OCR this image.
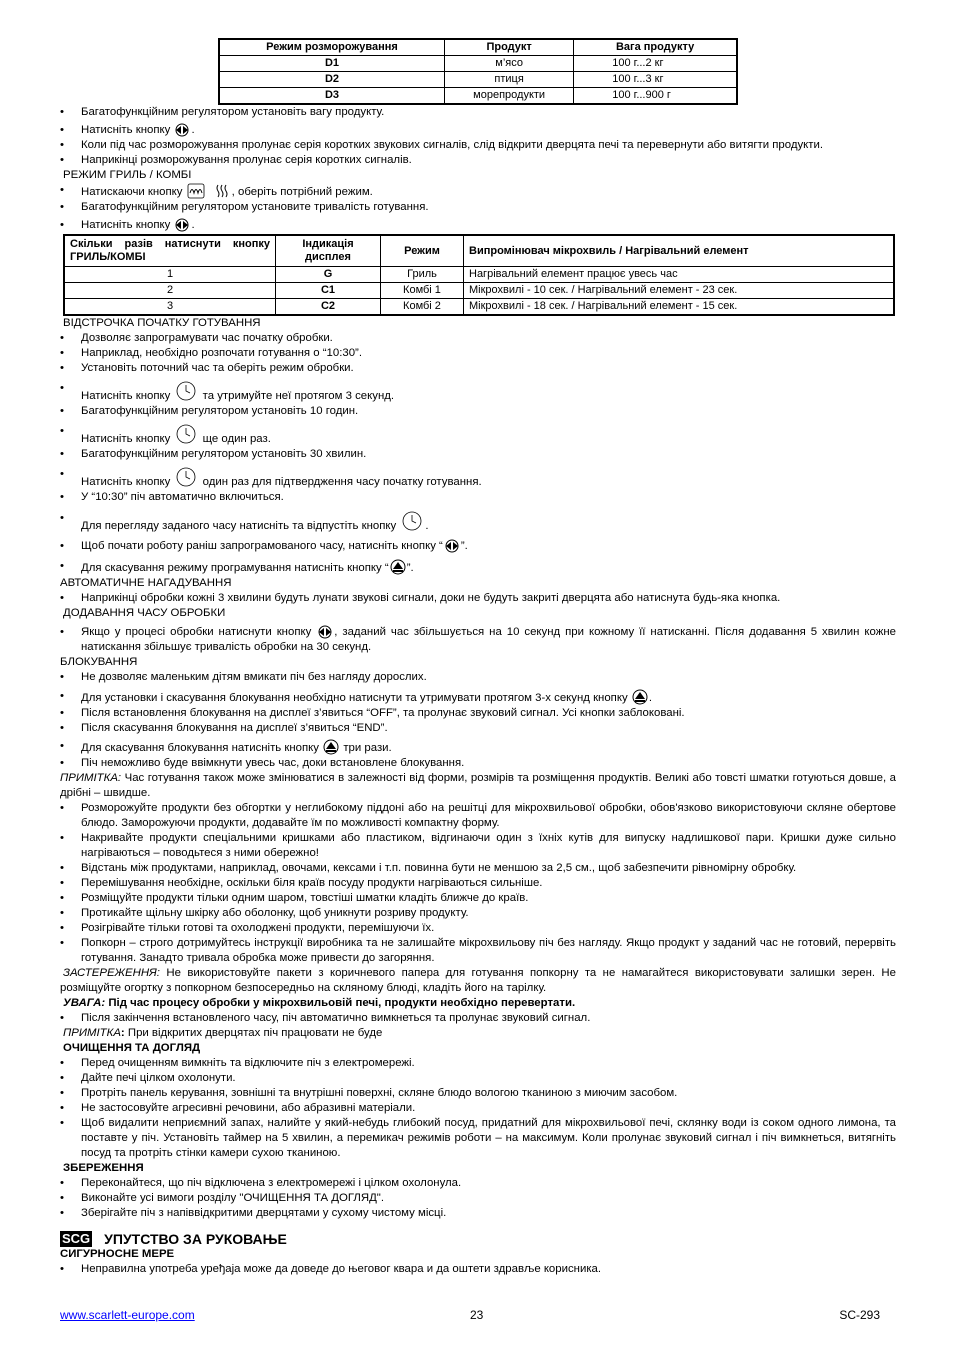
Режим розморожування	Продукт	Вага продукту
D1	м’ясо	100 г...2 кг
D2	птиця	100 г...3 кг
D3	морепродукти	100 г...900 г
• Багатофункційним регулятором установіть вагу продукту.
• Натисніть кнопку .
• Коли під час розморожування пролунає серія коротких звукових сигналів, слід відкрити дверцята печі та перевернути або витягти продукти.
• Наприкінці розморожування пролунає серія коротких сигналів.
РЕЖИМ ГРИЛЬ / КОМБІ
• Натискаючи кнопку	, оберіть потрібний режим.
• Багатофункційним регулятором установите тривалість готування.
• Натисніть кнопку .
Скільки разів натиснути кнопку ГРИЛЬ/КОМБІ	Індикація дисплея	Режим	Випромінювач мікрохвиль / Нагрівальний елемент
1	G	Гриль	Нагрівальний елемент працює увесь час
2	C1	Комбі 1	Мікрохвилі - 10 сек. / Нагрівальний елемент - 23 сек.
3	C2	Комбі 2	Мікрохвилі - 18 сек. / Нагрівальний елемент - 15 сек.
ВІДСТРОЧКА ПОЧАТКУ ГОТУВАННЯ
• Дозволяє запрограмувати час початку обробки.
• Наприклад, необхідно розпочати готування о “10:30”.
• Установіть поточний час та оберіть режим обробки.
• Натисніть кнопку  та утримуйте неї протягом 3 секунд.
• Багатофункційним регулятором установіть 10 годин.
• Натисніть кнопку  ще один раз.
• Багатофункційним регулятором установіть 30 хвилин.
• Натисніть кнопку  один раз для підтвердження часу початку готування.
• У “10:30” піч автоматично включиться.
• Для перегляду заданого часу натисніть та відпустіть кнопку .
• Щоб почати роботу раніш запрограмованого часу, натисніть кнопку “ ”.
• Для скасування режиму програмування натисніть кнопку “ ”.
АВТОМАТИЧНЕ НАГАДУВАННЯ
• Наприкінці обробки кожні 3 хвилини будуть лунати звукові сигнали, доки не будуть закриті дверцята або натиснута будь-яка кнопка.
ДОДАВАННЯ ЧАСУ ОБРОБКИ
• Якщо у процесі обробки натиснути кнопку , заданий час збільшується на 10 секунд при кожному її натисканні. Після додавання 5 хвилин кожне натискання збільшує тривалість обробки на 30 секунд.
БЛОКУВАННЯ
• Не дозволяє маленьким дітям вмикати піч без нагляду дорослих.
• Для установки і скасування блокування необхідно натиснути та утримувати протягом 3-х секунд кнопку .
• Після встановлення блокування на дисплеї з’явиться “OFF”, та пролунає звуковий сигнал. Усі кнопки заблоковані.
• Після скасування блокування на дисплеї з’явиться “END”.
• Для скасування блокування натисніть кнопку  три рази.
• Піч неможливо буде ввімкнути увесь час, доки встановлене блокування.
ПРИМІТКА: Час готування також може змінюватися в залежності від форми, розмірів та розміщення продуктів. Великі або товсті шматки готуються довше, а дрібні – швидше.
• Розморожуйте продукти без обгортки у неглибокому піддоні або на решітці для мікрохвильової обробки, обов'язково використовуючи скляне обертове блюдо. Заморожуючи продукти, додавайте їм по можливості компактну форму.
• Накривайте продукти спеціальними кришками або пластиком, відгинаючи один з їхніх кутів для випуску надлишкової пари. Кришки дуже сильно нагріваються – поводьтеся з ними обережно!
• Відстань між продуктами, наприклад, овочами, кексами і т.п. повинна бути не меншою за 2,5 см., щоб забезпечити рівномірну обробку.
• Перемішування необхідне, оскільки біля країв посуду продукти нагріваються сильніше.
• Розміщуйте продукти тільки одним шаром, товстіші шматки кладіть ближче до країв.
• Протикайте щільну шкірку або оболонку, щоб уникнути розриву продукту.
• Розігрівайте тільки готові та охолоджені продукти, перемішуючи їх.
• Попкорн – строго дотримуйтесь інструкції виробника та не залишайте мікрохвильову піч без нагляду. Якщо продукт у заданий час не готовий, перервіть готування. Занадто тривала обробка може привести до загоряння.
ЗАСТЕРЕЖЕННЯ: Не використовуйте пакети з коричневого папера для готування попкорну та не намагайтеся використовувати залишки зерен. Не розміщуйте огортку з попкорном безпосередньо на скляному блюді, кладіть його на тарілку.
УВАГА: Під час процесу обробки у мікрохвильовій печі, продукти необхідно перевертати.
• Після закінчення встановленого часу, піч автоматично вимкнеться та пролунає звуковий сигнал.
ПРИМІТКА: При відкритих дверцятах піч працювати не буде
ОЧИЩЕННЯ ТА ДОГЛЯД
• Перед очищенням вимкніть та відключите піч з електромережі.
• Дайте печі цілком охолонути.
• Протріть панель керування, зовнішні та внутрішні поверхні, скляне блюдо вологою тканиною з миючим засобом.
• Не застосовуйте агресивні речовини, або абразивні матеріали.
• Щоб видалити неприємний запах, налийте у який-небудь глибокий посуд, придатний для мікрохвильової печі, склянку води із соком одного лимона, та поставте у піч. Установіть таймер на 5 хвилин, а перемикач режимів роботи – на максимум. Коли пролунає звуковий сигнал і піч вимкнеться, витягніть посуд та протріть стінки камери сухою тканиною.
ЗБЕРЕЖЕННЯ
• Переконайтеся, що піч відключена з електромережі і цілком охолонула.
• Виконайте усі вимоги розділу "ОЧИЩЕННЯ ТА ДОГЛЯД".
• Зберігайте піч з напіввідкритими дверцятами у сухому чистому місці.
SCG УПУТСТВО ЗА РУКОВАЊЕ
СИГУРНОСНЕ МЕРЕ
• Неправилна употреба уређаја може да доведе до његовог квара и да оштети здравље корисника.
www.scarlett-europe.com	23	SC-293
